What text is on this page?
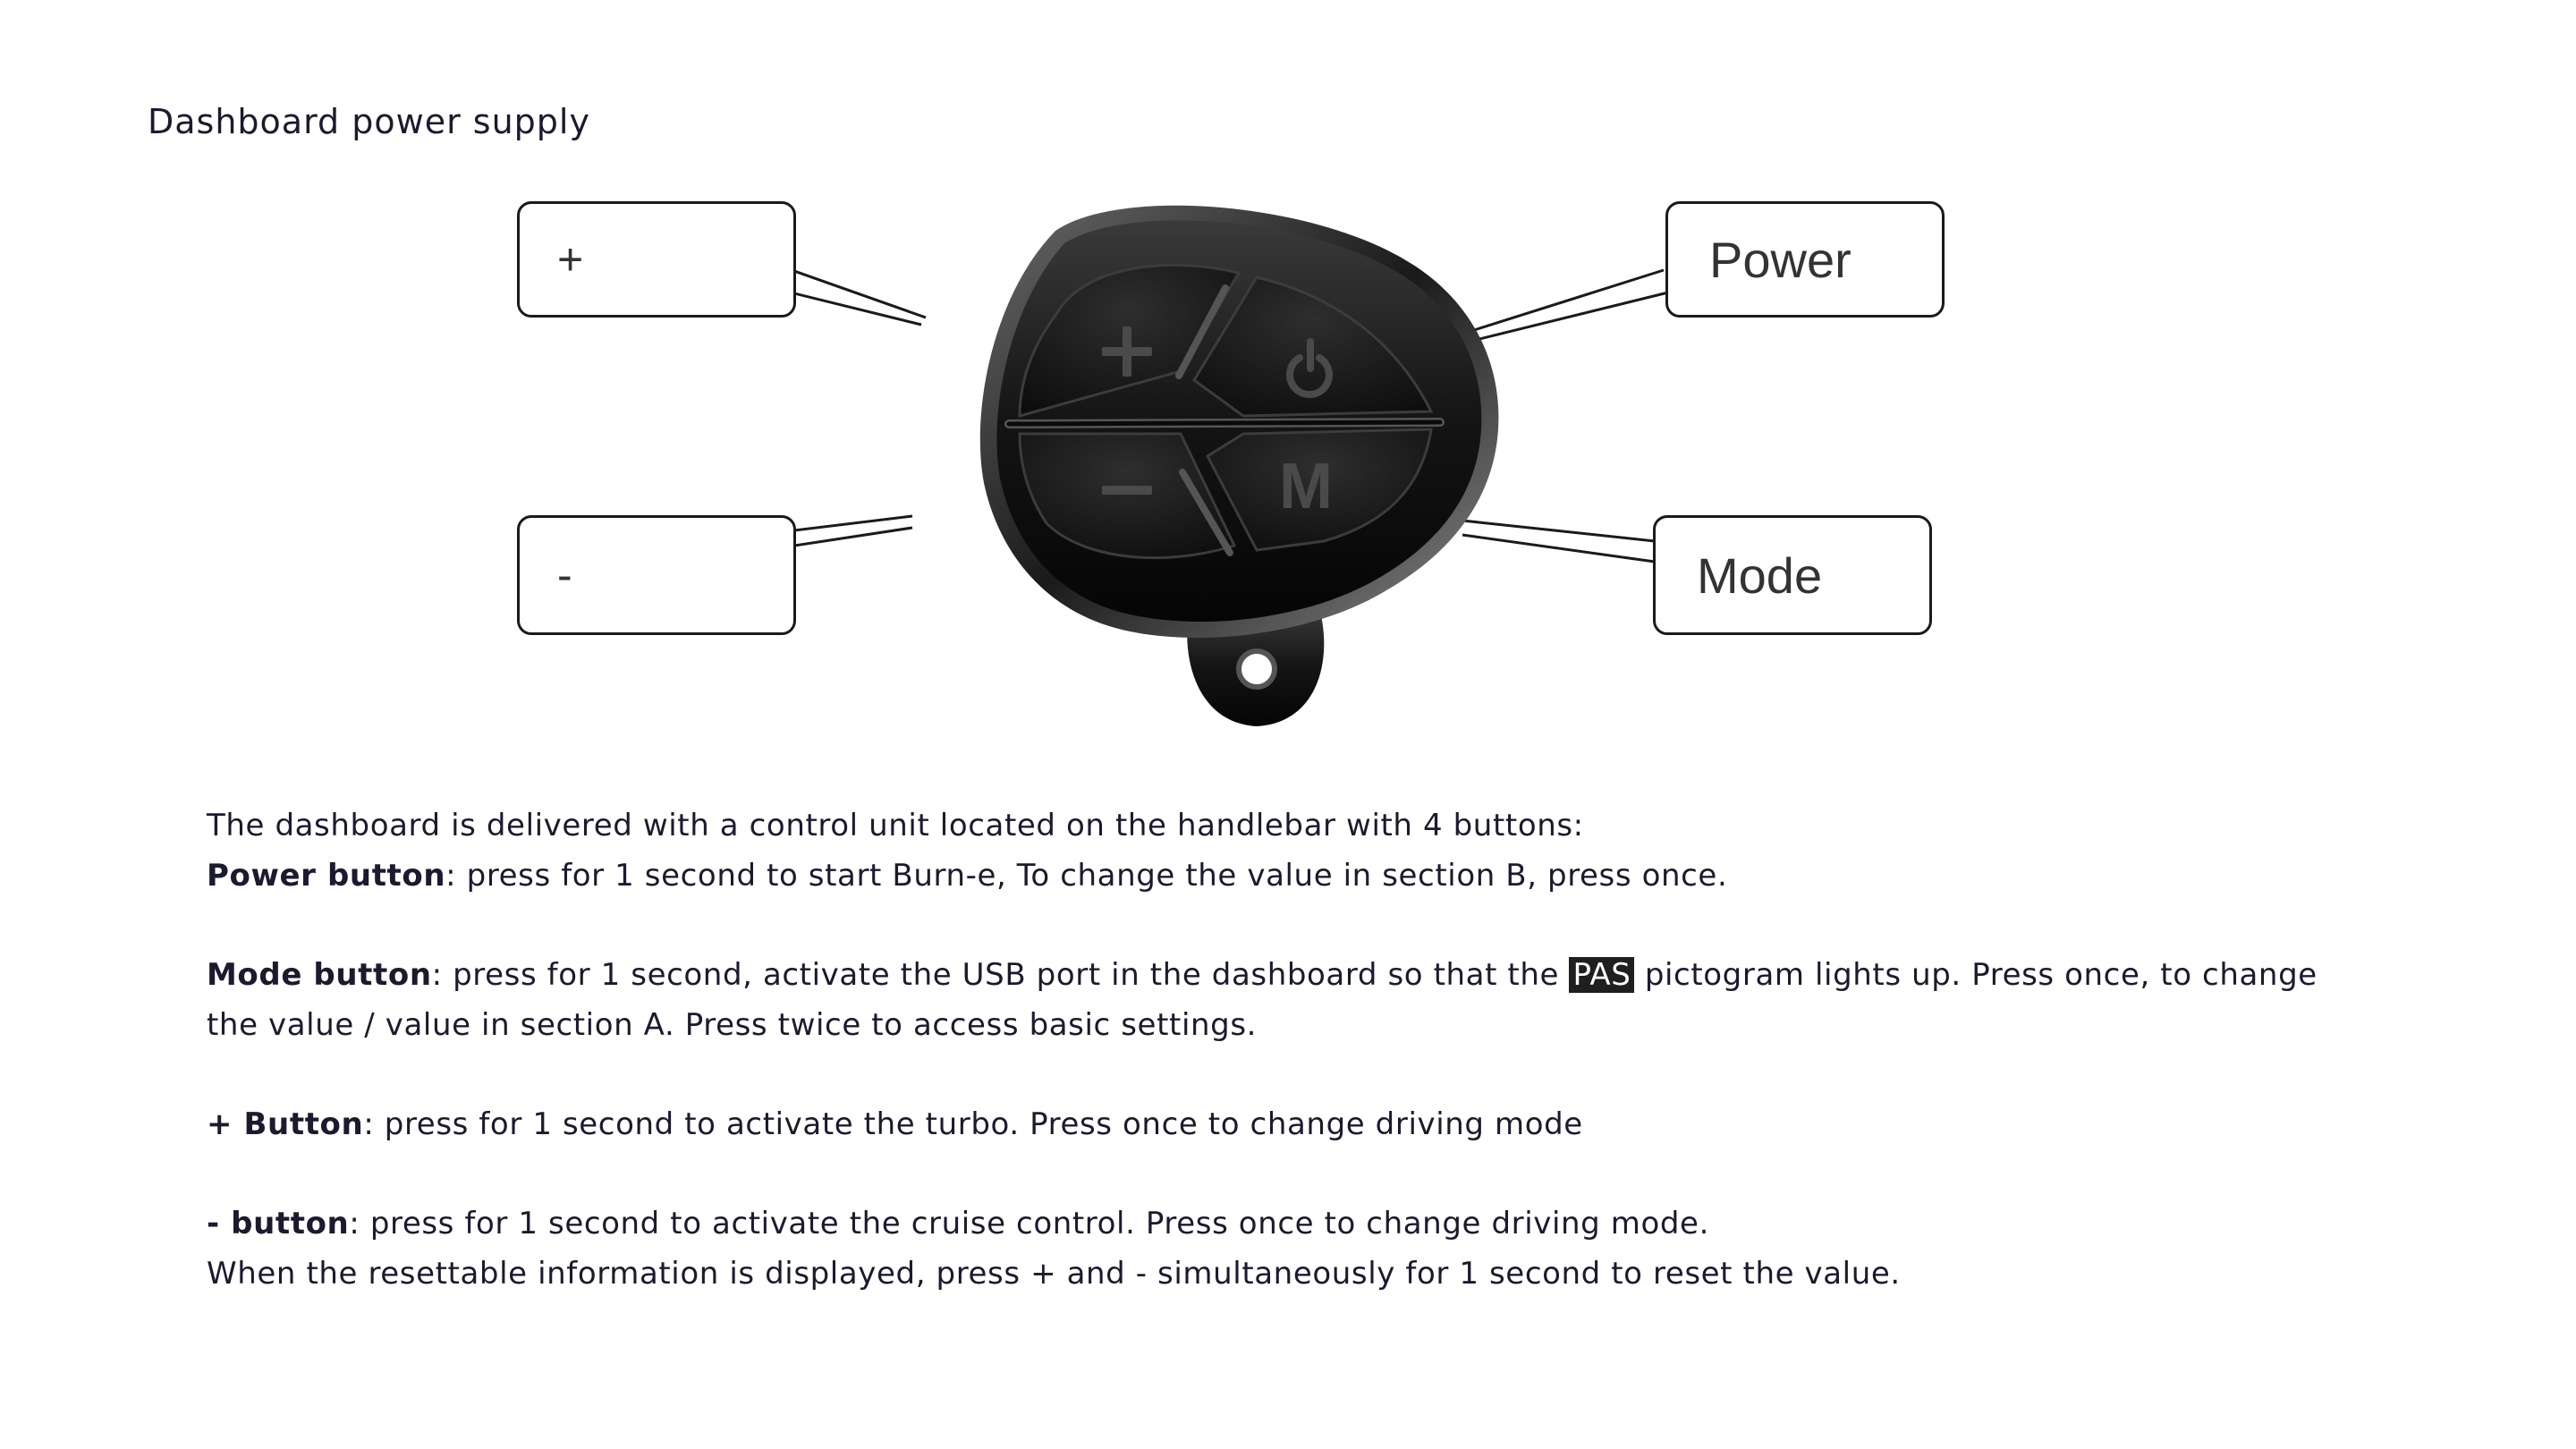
Dashboard power supply
M
+	Power
-	Mode

The dashboard is delivered with a control unit located on the handlebar with 4 buttons:

Power button: press for 1 second to start Burn-e, To change the value in section B, press once.

Mode button: press for 1 second, activate the USB port in the dashboard so that the PAS pictogram lights up. Press once, to change the value / value in section A. Press twice to access basic settings.

+ Button: press for 1 second to activate the turbo. Press once to change driving mode

- button: press for 1 second to activate the cruise control. Press once to change driving mode.

When the resettable information is displayed, press + and - simultaneously for 1 second to reset the value.
